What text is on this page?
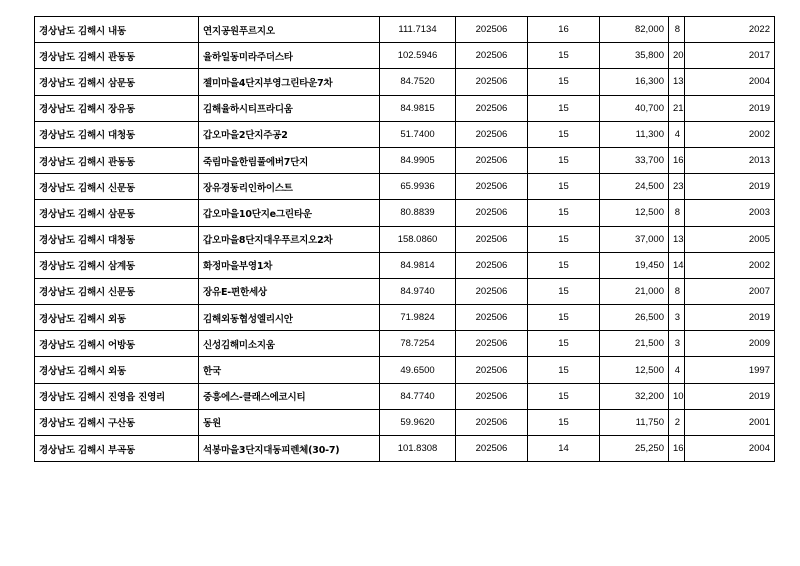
경상남도 김해시 내동	연지공원푸르지오	111.7134	202506	16	82,000	8	2022
경상남도 김해시 관동동	율하일동미라주더스타	102.5946	202506	15	35,800	20	2017
경상남도 김해시 삼문동	젤미마을4단지부영그린타운7차	84.7520	202506	15	16,300	13	2004
경상남도 김해시 장유동	김해율하시티프라디움	84.9815	202506	15	40,700	21	2019
경상남도 김해시 대청동	갑오마을2단지주공2	51.7400	202506	15	11,300	4	2002
경상남도 김해시 관동동	죽림마을한림풀에버7단지	84.9905	202506	15	33,700	16	2013
경상남도 김해시 신문동	장유경동리인하이스트	65.9936	202506	15	24,500	23	2019
경상남도 김해시 삼문동	갑오마을10단지e그린타운	80.8839	202506	15	12,500	8	2003
경상남도 김해시 대청동	갑오마을8단지대우푸르지오2차	158.0860	202506	15	37,000	13	2005
경상남도 김해시 삼계동	화정마을부영1차	84.9814	202506	15	19,450	14	2002
경상남도 김해시 신문동	장유E-편한세상	84.9740	202506	15	21,000	8	2007
경상남도 김해시 외동	김해외동협성엘리시안	71.9824	202506	15	26,500	3	2019
경상남도 김해시 어방동	신성김해미소지움	78.7254	202506	15	21,500	3	2009
경상남도 김해시 외동	한국	49.6500	202506	15	12,500	4	1997
경상남도 김해시 진영읍 진영리	중흥에스-클래스에코시티	84.7740	202506	15	32,200	10	2019
경상남도 김해시 구산동	동원	59.9620	202506	15	11,750	2	2001
경상남도 김해시 부곡동	석봉마을3단지대동피렌체(30-7)	101.8308	202506	14	25,250	16	2004
